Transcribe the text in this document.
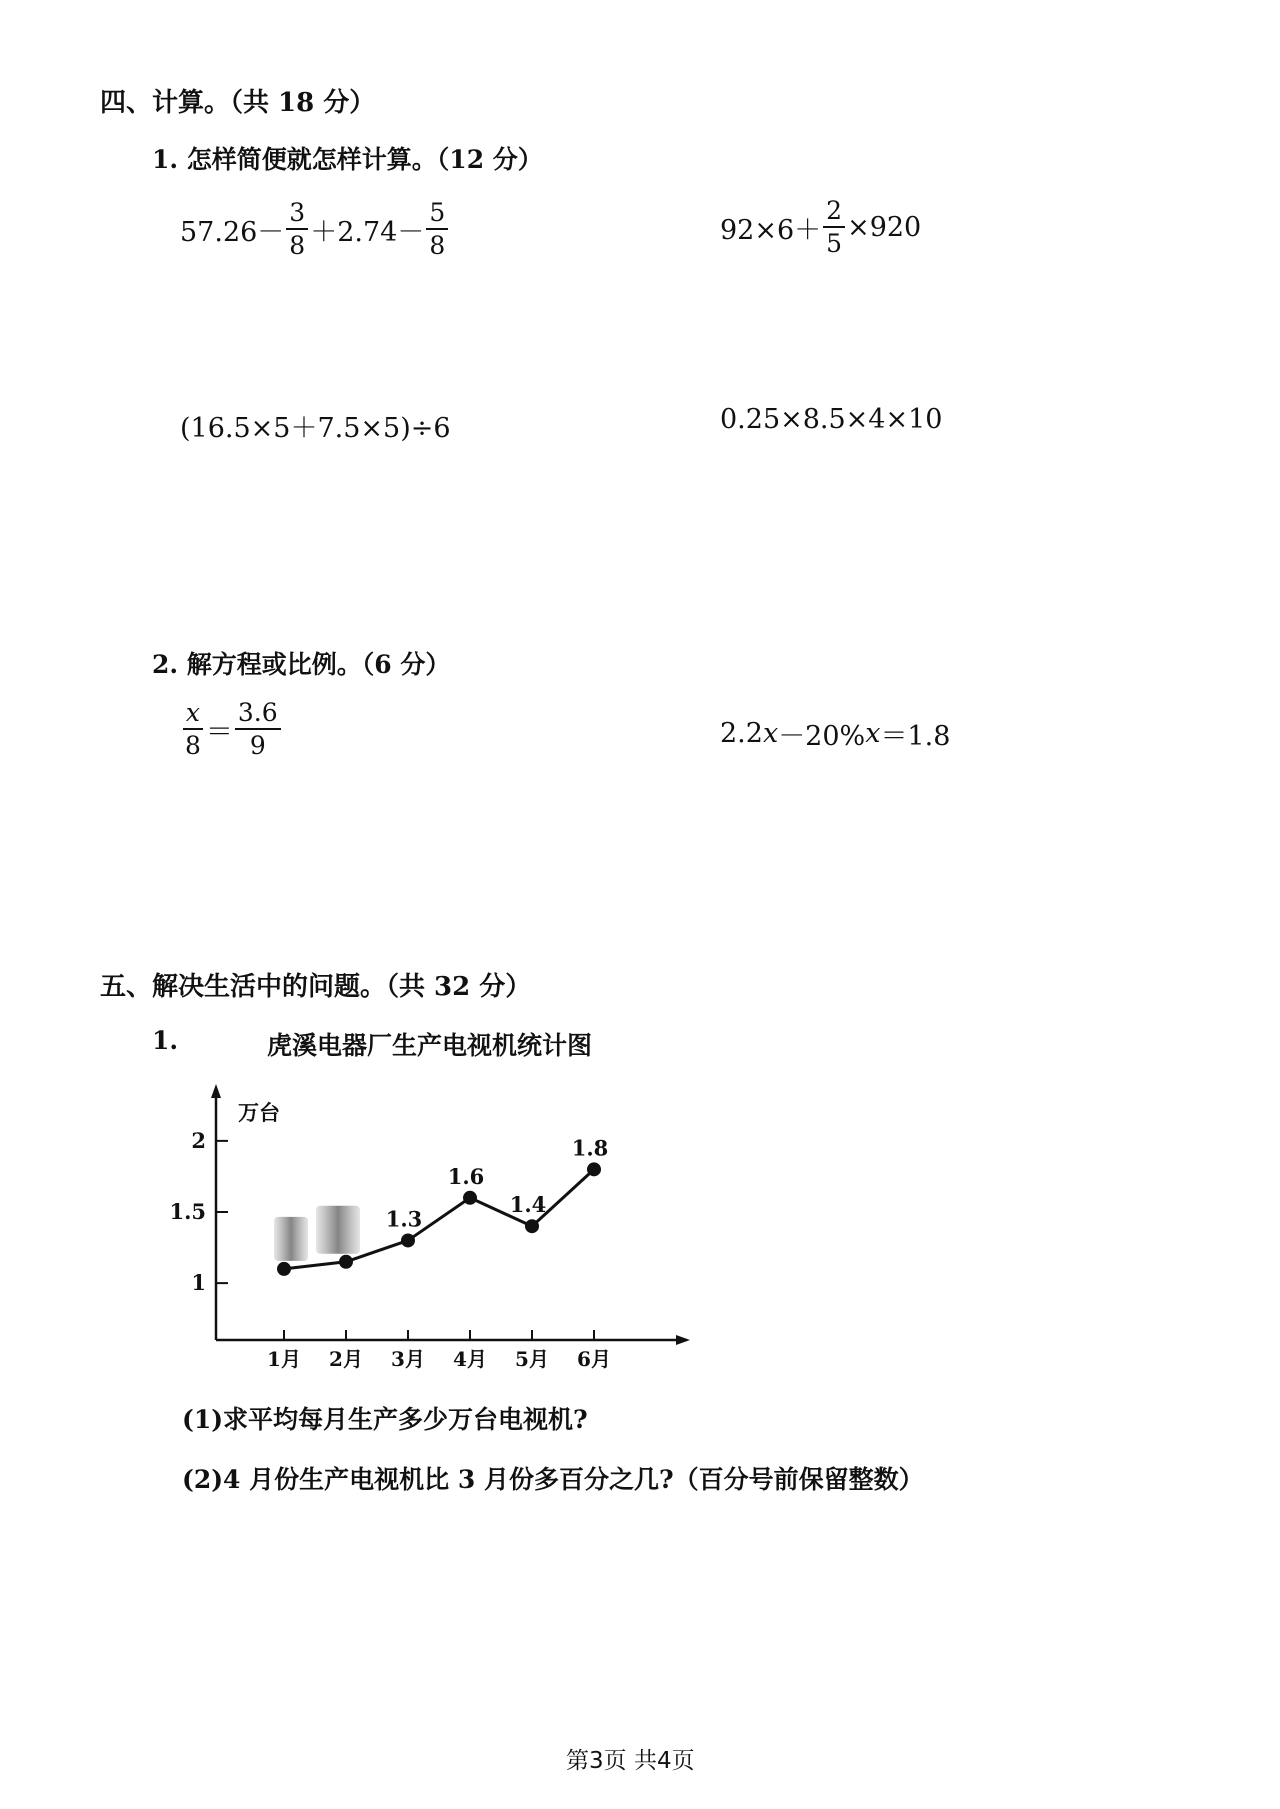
四、计算。（共 18 分）
1. 怎样简便就怎样计算。（12 分）
$57.26- \frac{3}{8} +2.74- \frac{5}{8}$	$92\times 6+ \frac{2}{5} \times 920$
(16.5×5＋7.5×5)÷6	0.25×8.5×4×10
2. 解方程或比例。（6 分）
$\frac{x}{8} = \frac{3.6}{9}$	2.2 x －20% x ＝1.8
五、解决生活中的问题。（共 32 分）
1.	虎溪电器厂生产电视机统计图
万台
1
1.5
2
1月 2月 3月 4月 5月 6月
1.3
1.6
1.4
1.8
(1)求平均每月生产多少万台电视机?
(2)4 月份生产电视机比 3 月份多百分之几?（百分号前保留整数）
第3页 共4页
